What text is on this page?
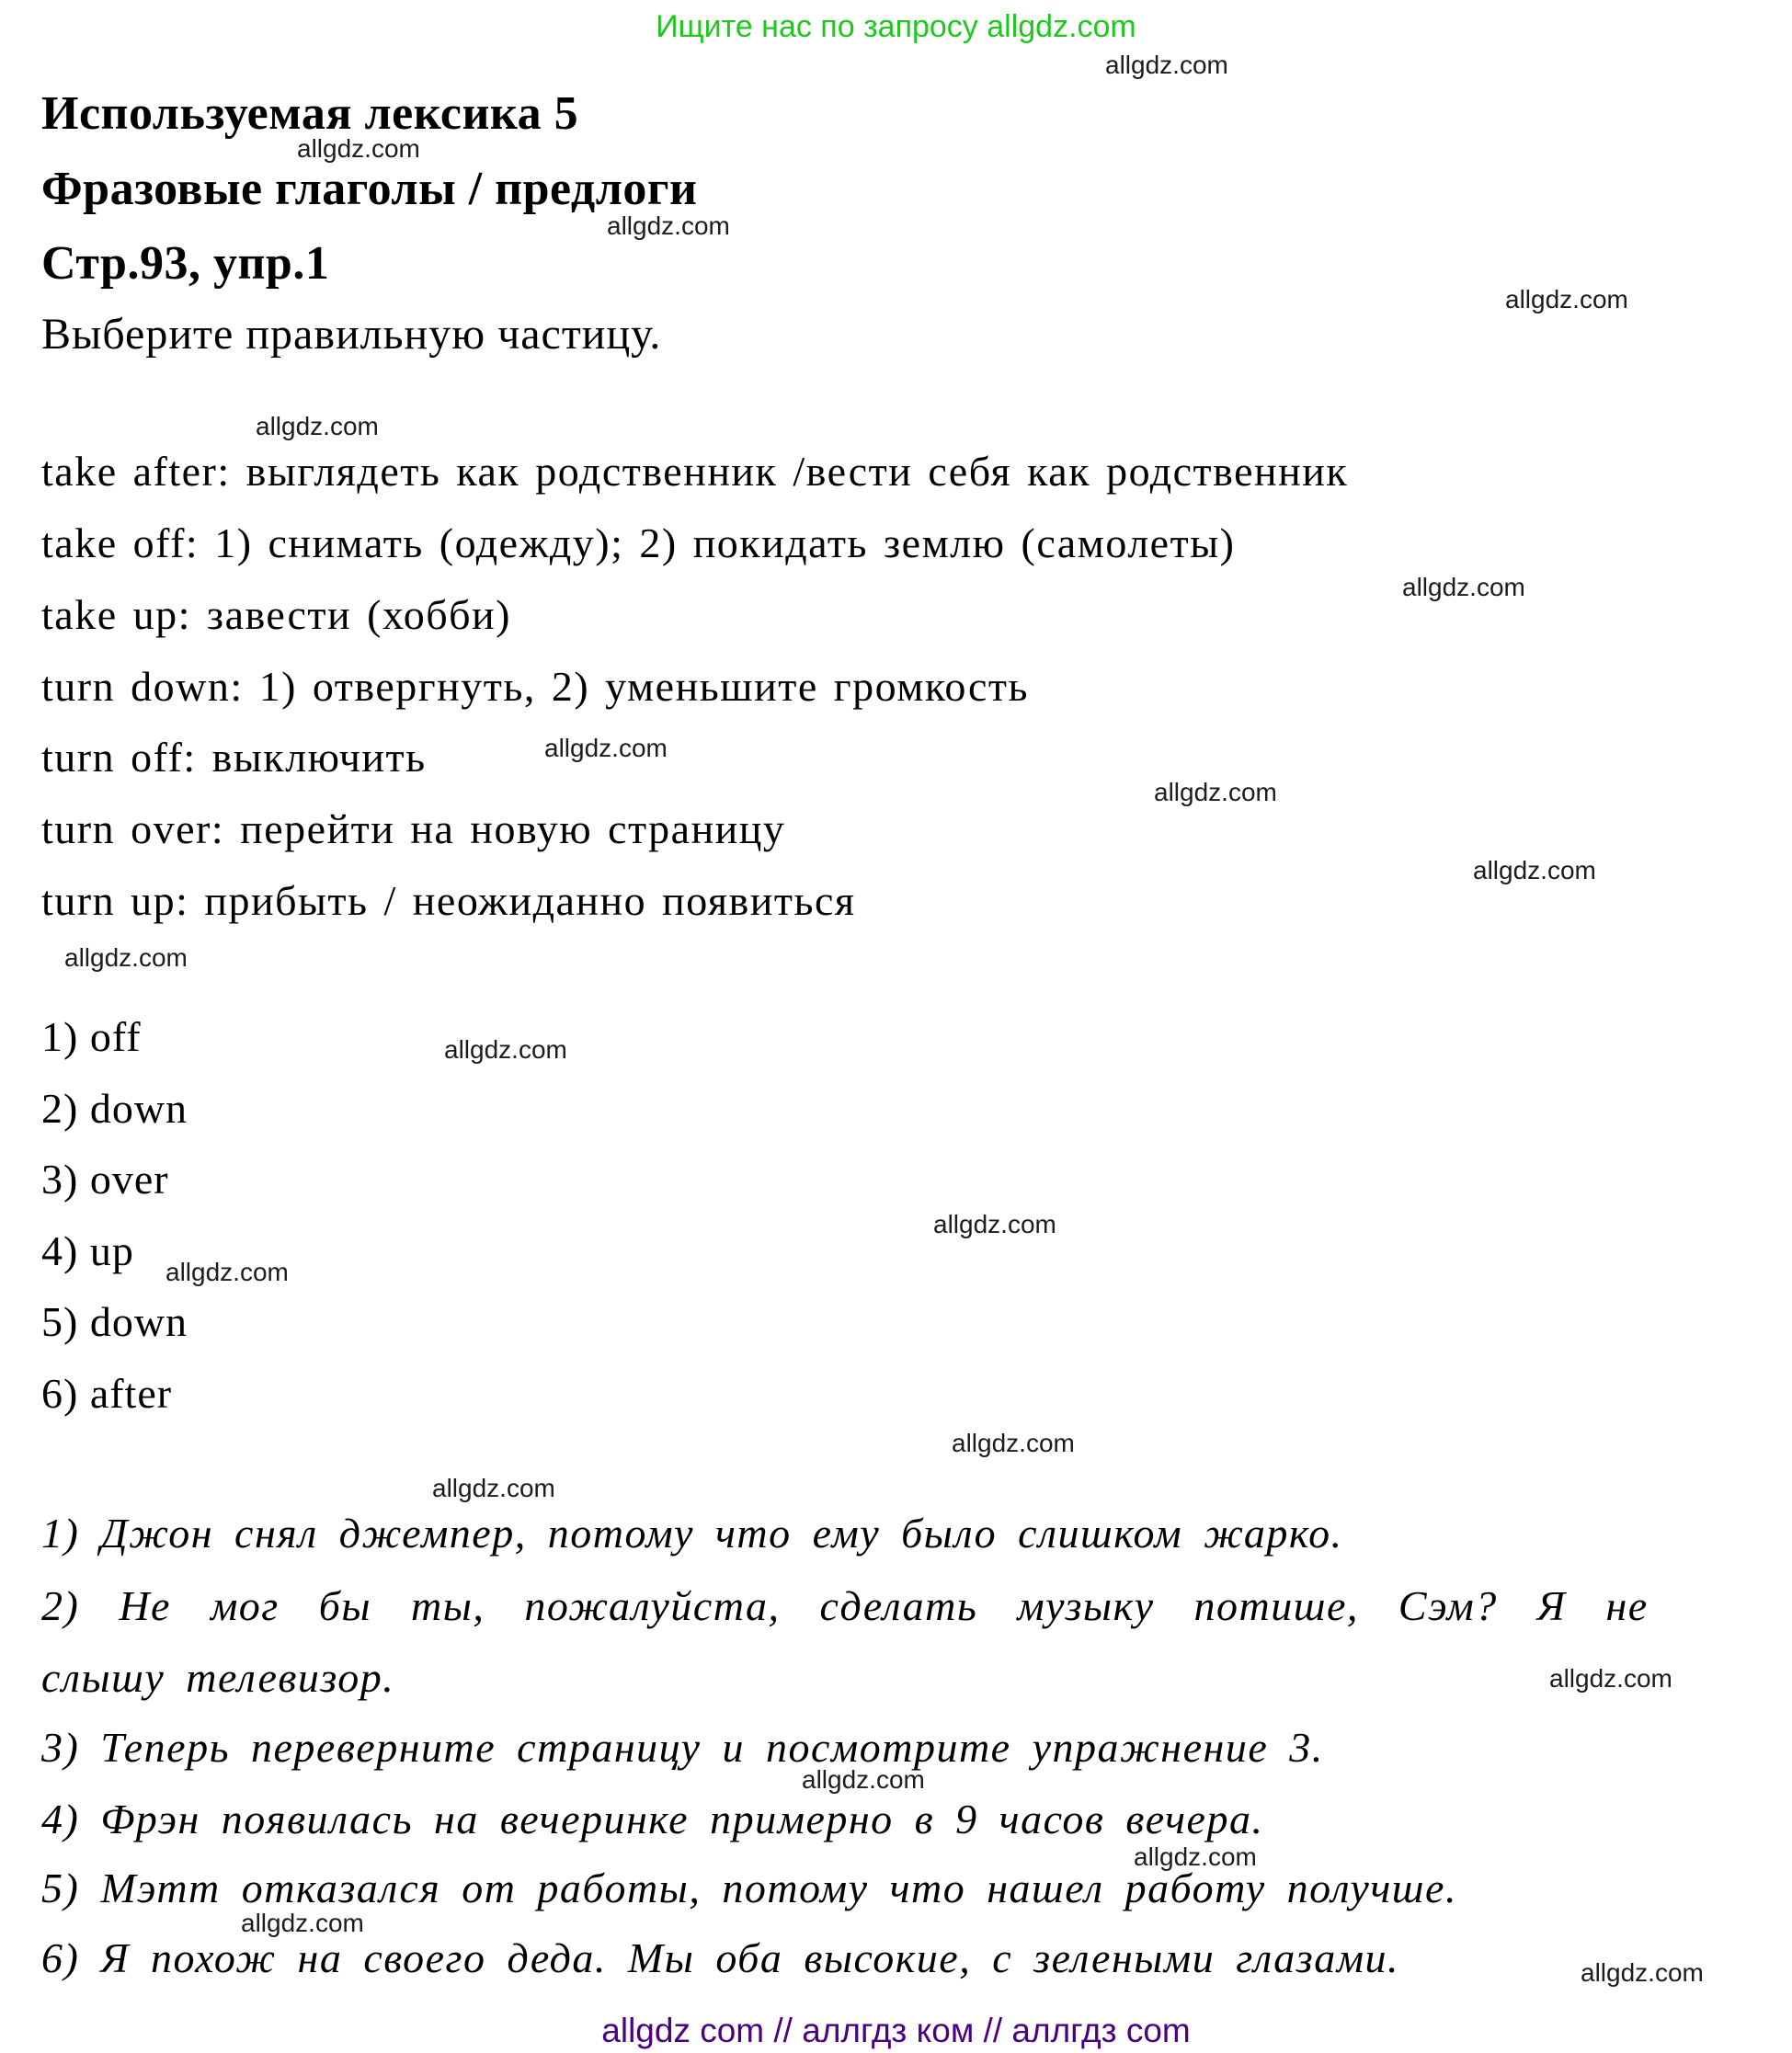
Ищите нас по запросу allgdz.com
allgdz.com
allgdz.com
allgdz.com
allgdz.com
allgdz.com
allgdz.com
allgdz.com
allgdz.com
allgdz.com
allgdz.com
allgdz.com
allgdz.com
allgdz.com
allgdz.com
allgdz.com
allgdz.com
allgdz.com
allgdz.com
allgdz.com
allgdz.com
Используемая лексика 5
Фразовые глаголы / предлоги
Стр.93, упр.1
Выберите правильную частицу.
take after: выглядеть как родственник /вести себя как родственник
take off: 1) снимать (одежду); 2) покидать землю (самолеты)
take up: завести (хобби)
turn down: 1) отвергнуть, 2) уменьшите громкость
turn off: выключить
turn over: перейти на новую страницу
turn up: прибыть / неожиданно появиться
1) off
2) down
3) over
4) up
5) down
6) after
1) Джон снял джемпер, потому что ему было слишком жарко.
2) Не мог бы ты, пожалуйста, сделать музыку потише, Сэм? Я не
слышу телевизор.
3) Теперь переверните страницу и посмотрите упражнение 3.
4) Фрэн появилась на вечеринке примерно в 9 часов вечера.
5) Мэтт отказался от работы, потому что нашел работу получше.
6) Я похож на своего деда. Мы оба высокие, с зелеными глазами.
allgdz com // аллгдз ком // аллгдз com
